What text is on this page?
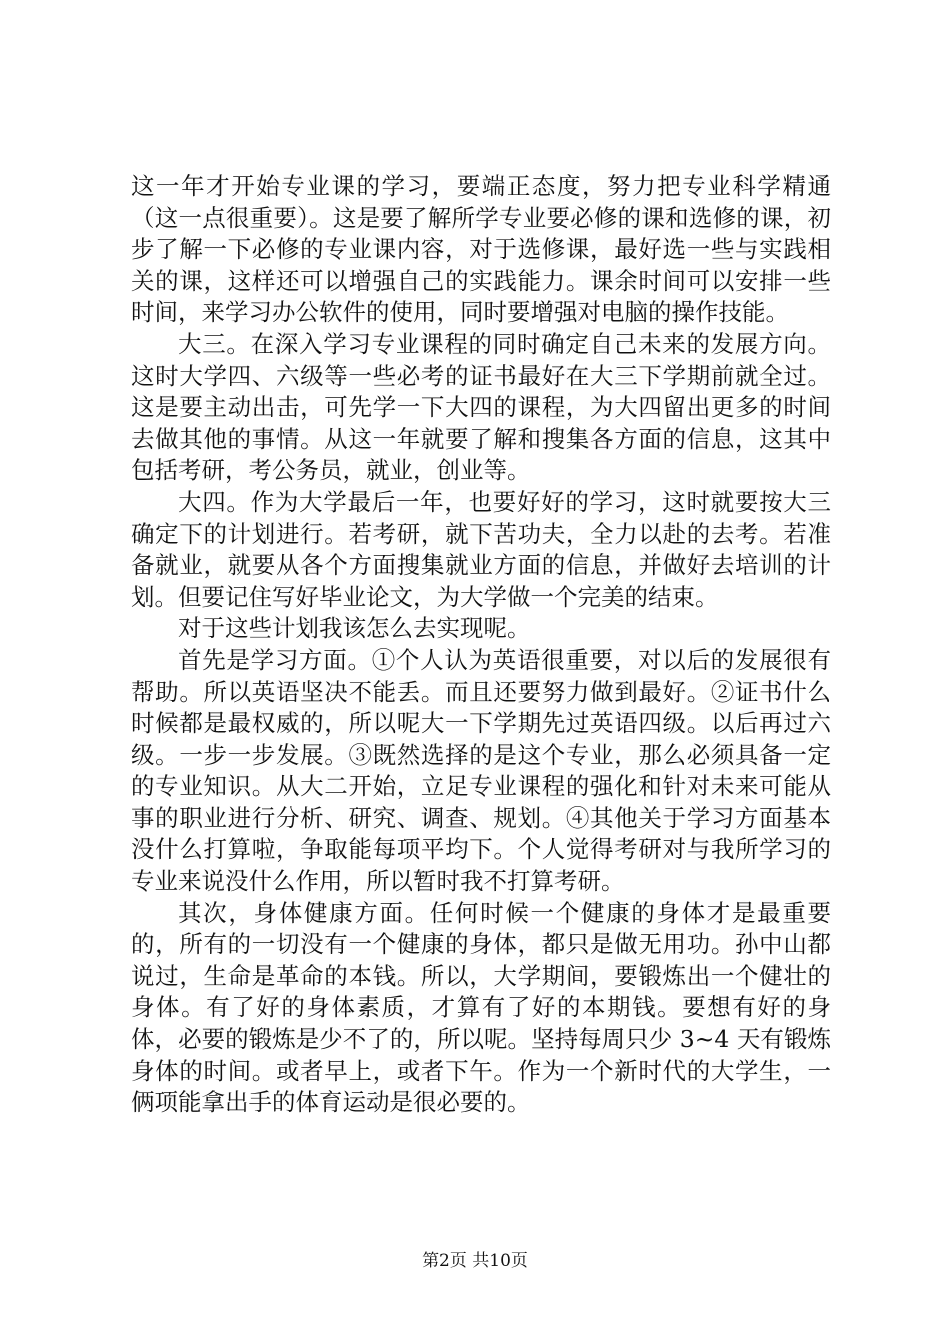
这一年才开始专业课的学习，要端正态度，努力把专业科学精通（这一点很重要）。这是要了解所学专业要必修的课和选修的课，初步了解一下必修的专业课内容，对于选修课，最好选一些与实践相关的课，这样还可以增强自己的实践能力。课余时间可以安排一些时间，来学习办公软件的使用，同时要增强对电脑的操作技能。

大三。在深入学习专业课程的同时确定自己未来的发展方向。这时大学四、六级等一些必考的证书最好在大三下学期前就全过。这是要主动出击，可先学一下大四的课程，为大四留出更多的时间去做其他的事情。从这一年就要了解和搜集各方面的信息，这其中包括考研，考公务员，就业，创业等。

大四。作为大学最后一年，也要好好的学习，这时就要按大三确定下的计划进行。若考研，就下苦功夫，全力以赴的去考。若准备就业，就要从各个方面搜集就业方面的信息，并做好去培训的计划。但要记住写好毕业论文，为大学做一个完美的结束。

对于这些计划我该怎么去实现呢。

首先是学习方面。①个人认为英语很重要，对以后的发展很有帮助。所以英语坚决不能丢。而且还要努力做到最好。②证书什么时候都是最权威的，所以呢大一下学期先过英语四级。以后再过六级。一步一步发展。③既然选择的是这个专业，那么必须具备一定的专业知识。从大二开始，立足专业课程的强化和针对未来可能从事的职业进行分析、研究、调查、规划。④其他关于学习方面基本没什么打算啦，争取能每项平均下。个人觉得考研对与我所学习的专业来说没什么作用，所以暂时我不打算考研。

其次，身体健康方面。任何时候一个健康的身体才是最重要的，所有的一切没有一个健康的身体，都只是做无用功。孙中山都说过，生命是革命的本钱。所以，大学期间，要锻炼出一个健壮的身体。有了好的身体素质，才算有了好的本期钱。要想有好的身体，必要的锻炼是少不了的，所以呢。坚持每周只少 3~4 天有锻炼身体的时间。或者早上，或者下午。作为一个新时代的大学生，一俩项能拿出手的体育运动是很必要的。

第2页 共10页
